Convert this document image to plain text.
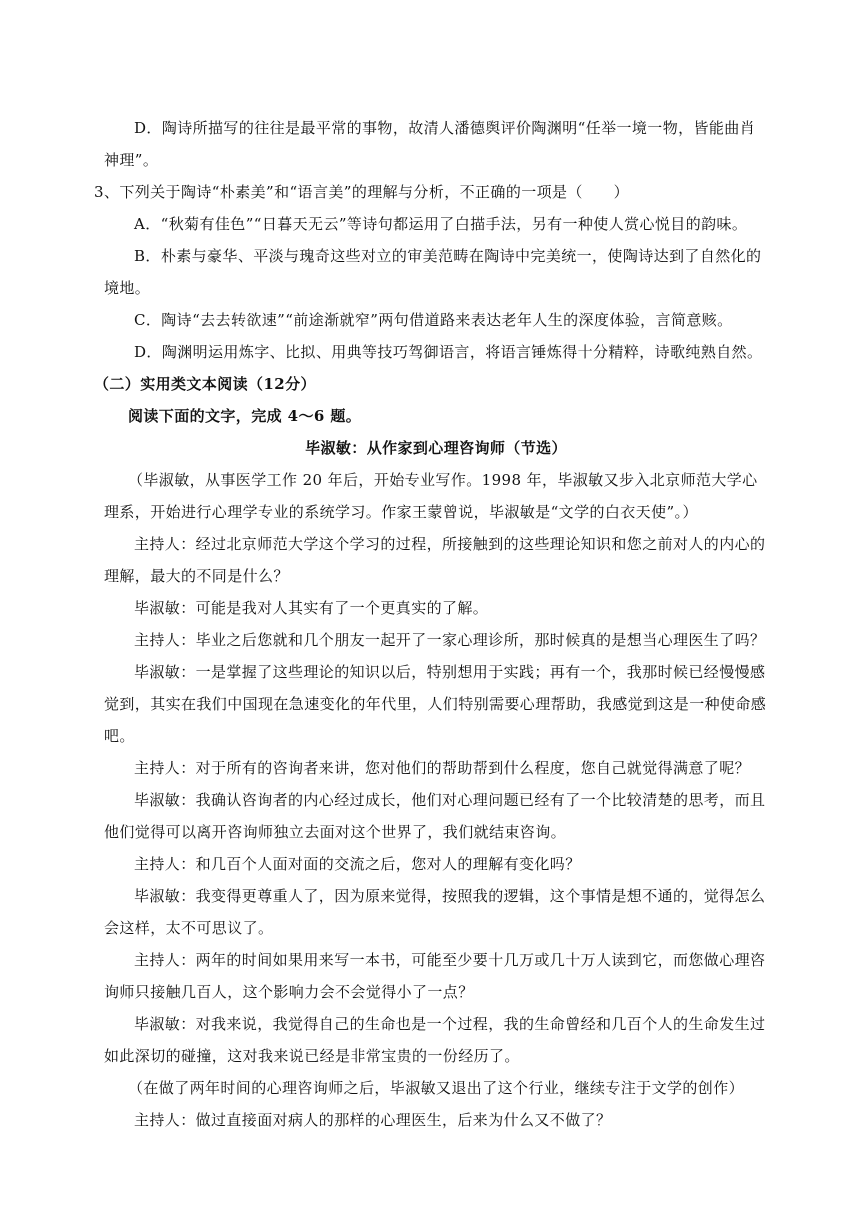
D．陶诗所描写的往往是最平常的事物，故清人潘德舆评价陶渊明“任举一境一物，皆能曲肖神理”。

3、下列关于陶诗“朴素美”和“语言美”的理解与分析，不正确的一项是（　　）

A．“秋菊有佳色”“日暮天无云”等诗句都运用了白描手法，另有一种使人赏心悦目的韵味。

B．朴素与豪华、平淡与瑰奇这些对立的审美范畴在陶诗中完美统一，使陶诗达到了自然化的境地。

C．陶诗“去去转欲速”“前途渐就窄”两句借道路来表达老年人生的深度体验，言简意赅。

D．陶渊明运用炼字、比拟、用典等技巧驾御语言，将语言锤炼得十分精粹，诗歌纯熟自然。

（二）实用类文本阅读（12分）

阅读下面的文字，完成 4～6 题。

毕淑敏：从作家到心理咨询师（节选）

（毕淑敏，从事医学工作 20 年后，开始专业写作。1998 年，毕淑敏又步入北京师范大学心理系，开始进行心理学专业的系统学习。作家王蒙曾说，毕淑敏是“文学的白衣天使”。）

主持人：经过北京师范大学这个学习的过程，所接触到的这些理论知识和您之前对人的内心的理解，最大的不同是什么？

毕淑敏：可能是我对人其实有了一个更真实的了解。

主持人：毕业之后您就和几个朋友一起开了一家心理诊所，那时候真的是想当心理医生了吗？

毕淑敏：一是掌握了这些理论的知识以后，特别想用于实践；再有一个，我那时候已经慢慢感觉到，其实在我们中国现在急速变化的年代里，人们特别需要心理帮助，我感觉到这是一种使命感吧。

主持人：对于所有的咨询者来讲，您对他们的帮助帮到什么程度，您自己就觉得满意了呢？

毕淑敏：我确认咨询者的内心经过成长，他们对心理问题已经有了一个比较清楚的思考，而且他们觉得可以离开咨询师独立去面对这个世界了，我们就结束咨询。

主持人：和几百个人面对面的交流之后，您对人的理解有变化吗？

毕淑敏：我变得更尊重人了，因为原来觉得，按照我的逻辑，这个事情是想不通的，觉得怎么会这样，太不可思议了。

主持人：两年的时间如果用来写一本书，可能至少要十几万或几十万人读到它，而您做心理咨询师只接触几百人，这个影响力会不会觉得小了一点？

毕淑敏：对我来说，我觉得自己的生命也是一个过程，我的生命曾经和几百个人的生命发生过如此深切的碰撞，这对我来说已经是非常宝贵的一份经历了。

（在做了两年时间的心理咨询师之后，毕淑敏又退出了这个行业，继续专注于文学的创作）

主持人：做过直接面对病人的那样的心理医生，后来为什么又不做了？
